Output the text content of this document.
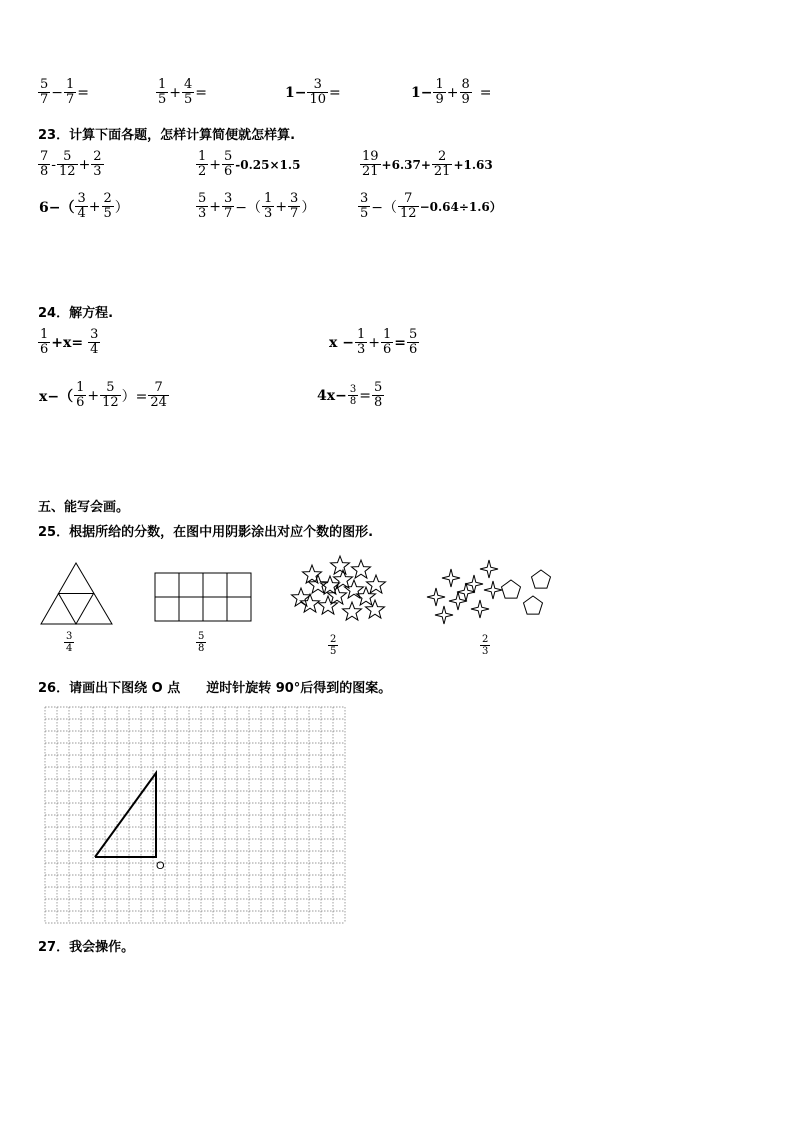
$\frac{5}{7} - \frac{1}{7}$ =	$\frac{1}{5} + \frac{4}{5}$ =	$1- \frac{3}{10}$ =	$1- \frac{1}{9} + \frac{8}{9}$ =
23．计算下面各题，怎样计算简便就怎样算.
$\frac{7}{8} - \frac{5}{12} + \frac{2}{3}$	$\frac{1}{2} + \frac{5}{6} -0.25\times 1.5$	$\frac{19}{21} +6.37+ \frac{2}{21} +1.63$
$6-( \frac{3}{4} + \frac{2}{5}$ ）	$\frac{5}{3} + \frac{3}{7}$ −（ $\frac{1}{3} + \frac{3}{7}$ ）	$\frac{3}{5}$ −（ $\frac{7}{12} -0.64\div 1.6$）
24．解方程.
$\frac{1}{6} +x= \frac{3}{4}$	$x - \frac{1}{3} + \frac{1}{6} = \frac{5}{6}$
$x-( \frac{1}{6} + \frac{5}{12}$ ）= $\frac{7}{24}$	$4x- \frac{3}{8} = \frac{5}{8}$
五、能写会画。
25．根据所给的分数，在图中用阴影涂出对应个数的图形.
$\frac{3}{4}$	$\frac{5}{8}$	$\frac{2}{5}$	$\frac{2}{3}$
26．请画出下图绕 O 点　　逆时针旋转 90°后得到的图案。
O
27．我会操作。
